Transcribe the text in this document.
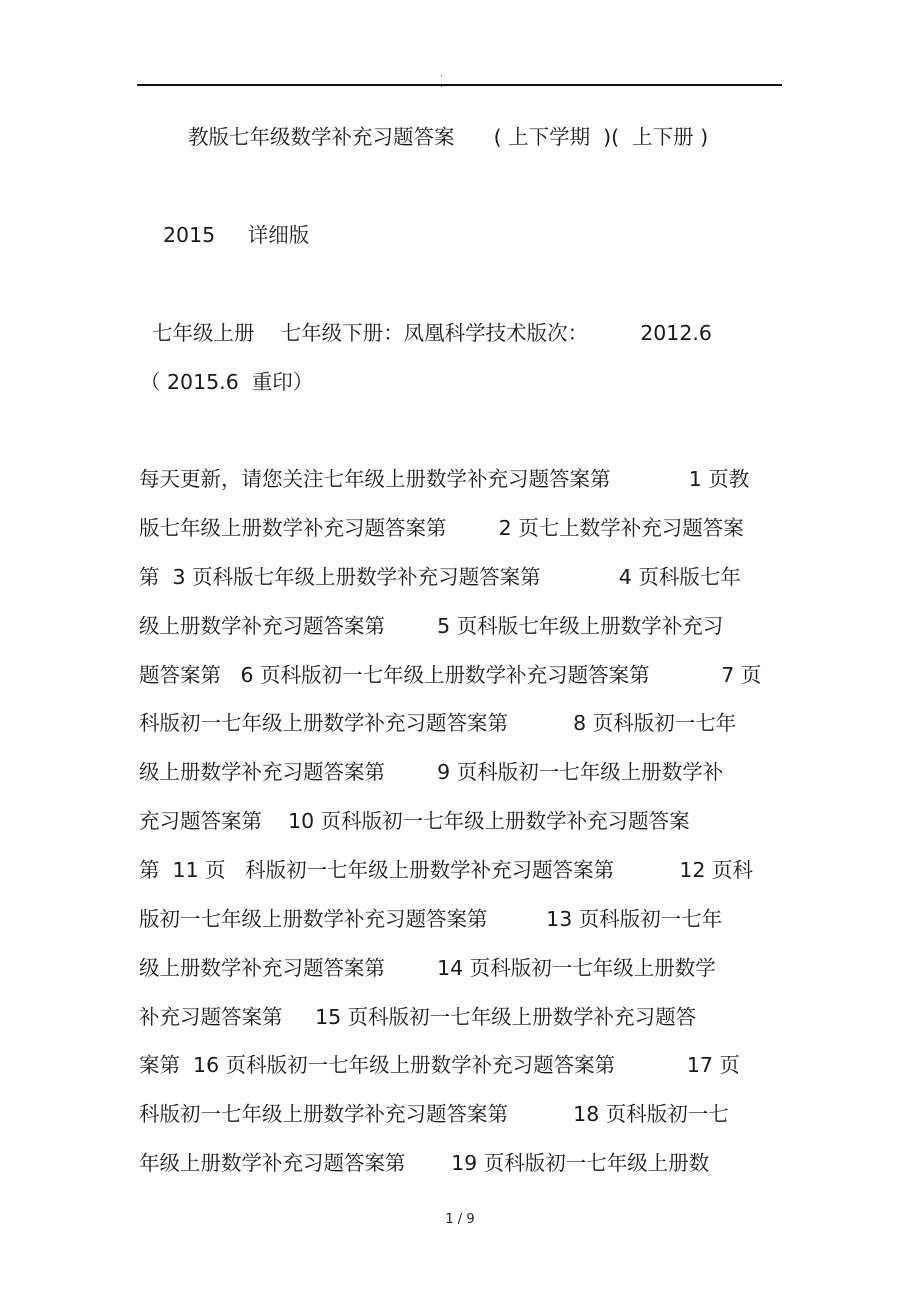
.
教版七年级数学补充习题答案      ( 上下学期  )(  上下册 )
2015     详细版
七年级上册    七年级下册：凤凰科学技术版次：        2012.6
（ 2015.6  重印）
每天更新，请您关注七年级上册数学补充习题答案第            1 页教
版七年级上册数学补充习题答案第        2 页七上数学补充习题答案
第  3 页科版七年级上册数学补充习题答案第            4 页科版七年
级上册数学补充习题答案第        5 页科版七年级上册数学补充习
题答案第   6 页科版初一七年级上册数学补充习题答案第           7 页
科版初一七年级上册数学补充习题答案第          8 页科版初一七年
级上册数学补充习题答案第        9 页科版初一七年级上册数学补
充习题答案第    10 页科版初一七年级上册数学补充习题答案
第  11 页   科版初一七年级上册数学补充习题答案第          12 页科
版初一七年级上册数学补充习题答案第         13 页科版初一七年
级上册数学补充习题答案第        14 页科版初一七年级上册数学
补充习题答案第     15 页科版初一七年级上册数学补充习题答
案第  16 页科版初一七年级上册数学补充习题答案第           17 页
科版初一七年级上册数学补充习题答案第          18 页科版初一七
年级上册数学补充习题答案第       19 页科版初一七年级上册数
1 / 9
